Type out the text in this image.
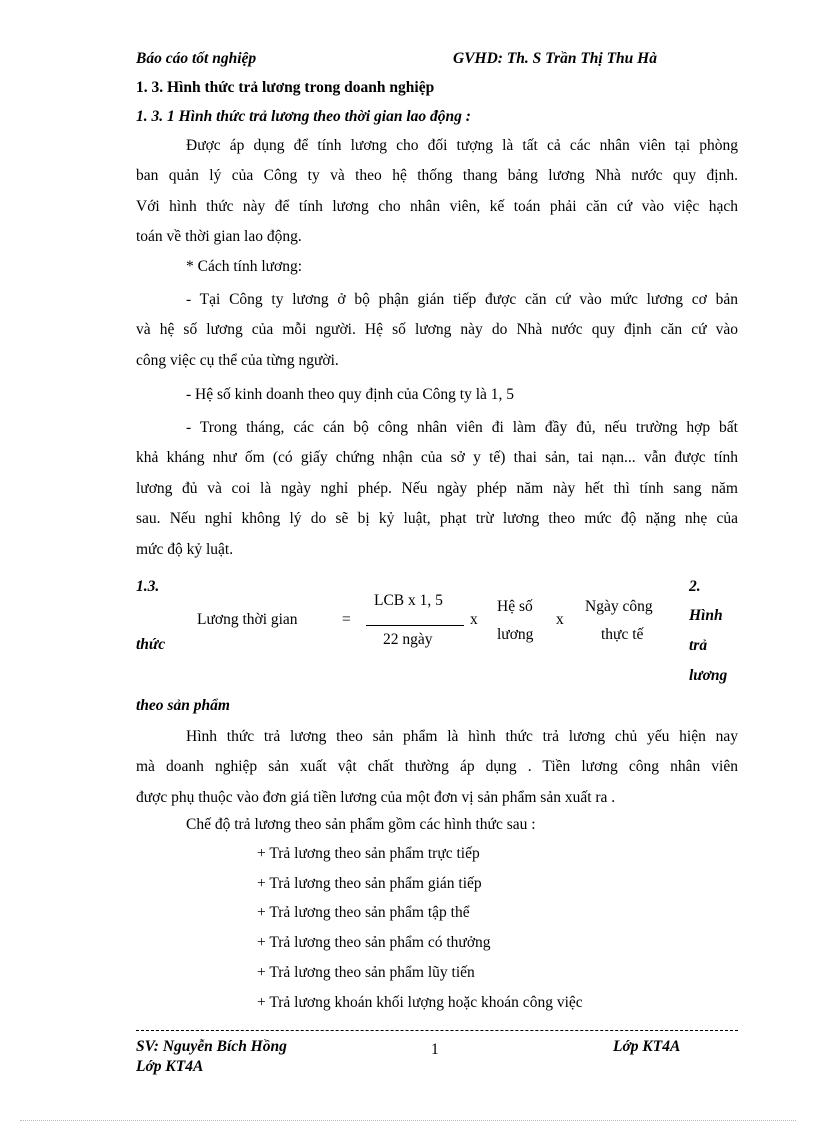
Báo cáo tốt nghiệp	GVHD: Th. S Trần Thị Thu Hà
1. 3. Hình thức trả lương trong doanh nghiệp
1. 3. 1 Hình thức trả lương theo thời gian lao động :
Được áp dụng để tính lương cho đối tượng là tất cả các nhân viên tại phòng
ban quản lý của Công ty và theo hệ thống thang bảng lương Nhà nước quy định.
Với hình thức này để tính lương cho nhân viên, kế toán phải căn cứ vào việc hạch
toán về thời gian lao động.
* Cách tính lương:
- Tại Công ty lương ở bộ phận gián tiếp được căn cứ vào mức lương cơ bản
và hệ số lương của mỗi người. Hệ số lương này do Nhà nước quy định căn cứ vào
công việc cụ thể của từng người.
- Hệ số kinh doanh theo quy định của Công ty là 1, 5
- Trong tháng, các cán bộ công nhân viên đi làm đầy đủ, nếu trường hợp bất
khả kháng như ốm (có giấy chứng nhận của sở y tế) thai sản, tai nạn... vẫn được tính
lương đủ và coi là ngày nghỉ phép. Nếu ngày phép năm này hết thì tính sang năm
sau. Nếu nghỉ không lý do sẽ bị kỷ luật, phạt trừ lương theo mức độ nặng nhẹ của
mức độ kỷ luật.
1.3.
thức
Lương thời gian	=
LCB x 1, 5
22 ngày
x
Hệ số
lương
x
Ngày công
thực tế
2.
Hình
trả
lương
theo sản phẩm
Hình thức trả lương theo sản phẩm là hình thức trả lương chủ yếu hiện nay
mà doanh nghiệp sản xuất vật chất thường áp dụng . Tiền lương công nhân viên
được phụ thuộc vào đơn giá tiền lương của một đơn vị sản phẩm sản xuất ra .
Chế độ trả lương theo sản phẩm gồm các hình thức sau :
+ Trả lương theo sản phẩm trực tiếp
+ Trả lương theo sản phẩm gián tiếp
+ Trả lương theo sản phẩm tập thể
+ Trả lương theo sản phẩm có thưởng
+ Trả lương theo sản phẩm lũy tiến
+ Trả lương khoán khối lượng hoặc khoán công việc
SV: Nguyễn Bích Hồng	1	Lớp KT4A
Lớp KT4A
